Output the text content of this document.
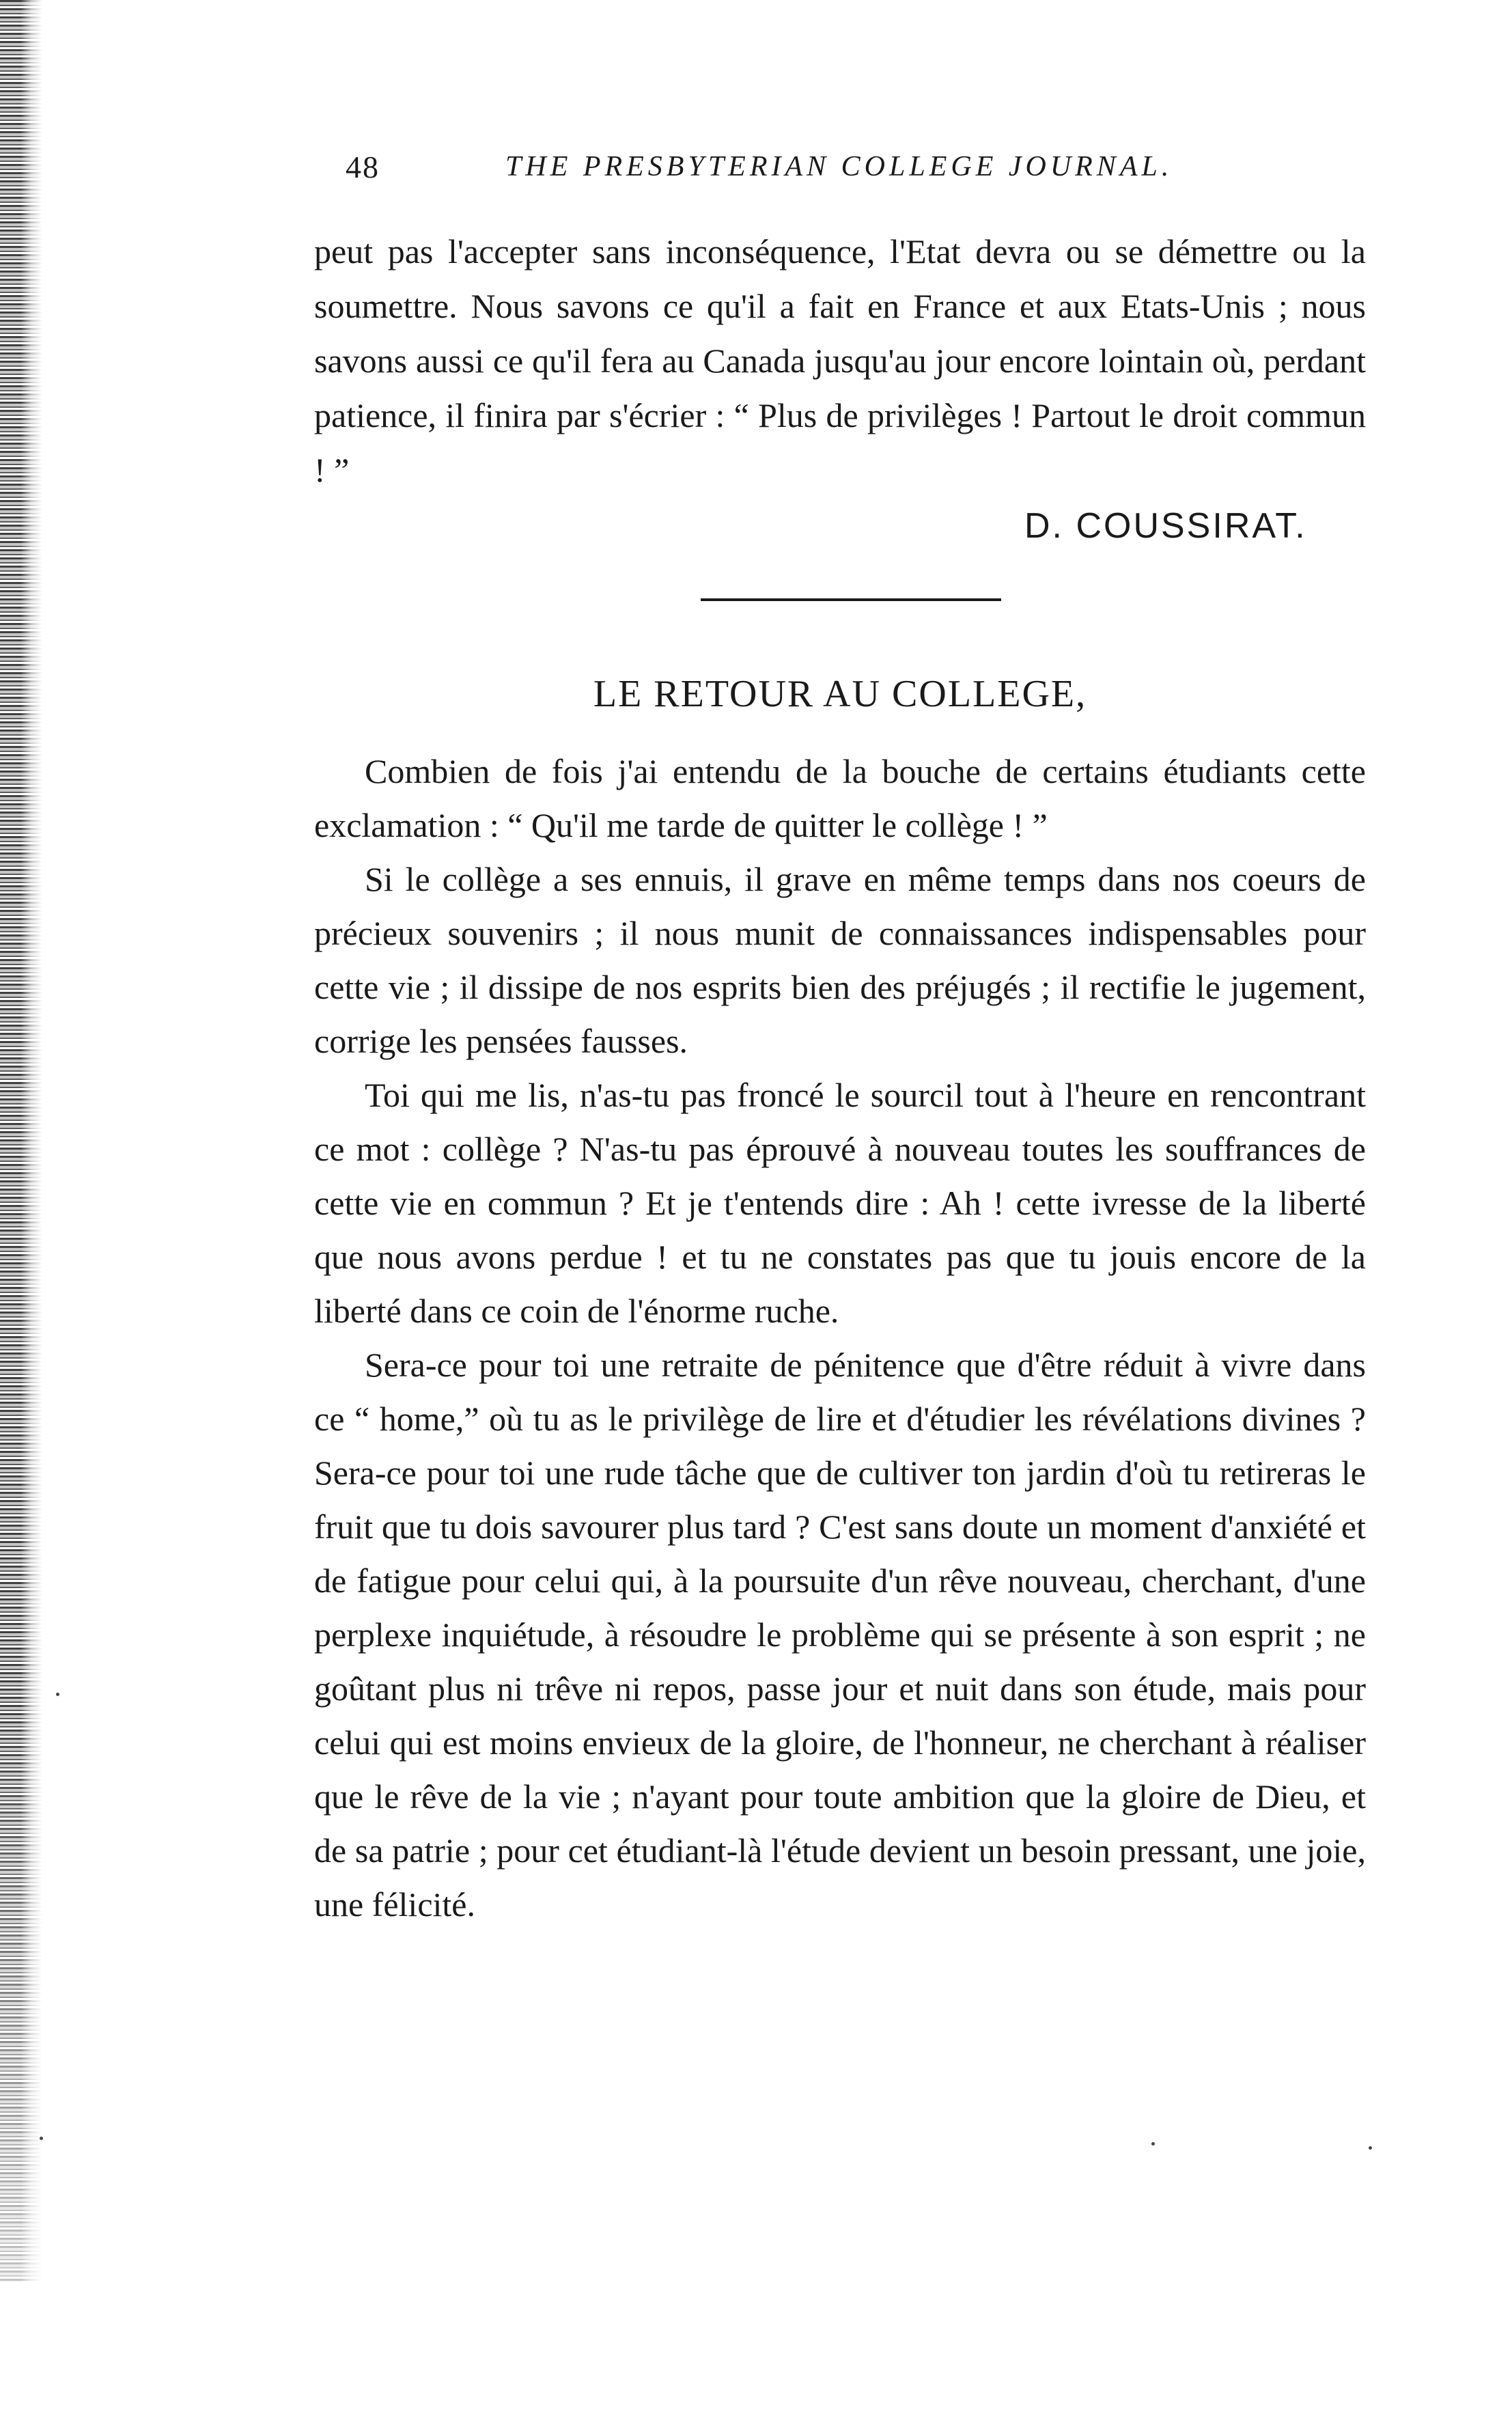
48	THE PRESBYTERIAN COLLEGE JOURNAL.

peut pas l'accepter sans inconséquence, l'Etat devra ou se démettre ou la soumettre. Nous savons ce qu'il a fait en France et aux Etats-Unis ; nous savons aussi ce qu'il fera au Canada jusqu'au jour encore lointain où, perdant patience, il finira par s'écrier : “ Plus de privilèges ! Partout le droit commun ! ”

D. COUSSIRAT.
LE RETOUR AU COLLEGE,

Combien de fois j'ai entendu de la bouche de certains étudiants cette exclamation : “ Qu'il me tarde de quitter le collège ! ”

Si le collège a ses ennuis, il grave en même temps dans nos coeurs de précieux souvenirs ; il nous munit de connaissances indispensables pour cette vie ; il dissipe de nos esprits bien des préjugés ; il rectifie le jugement, corrige les pensées fausses.

Toi qui me lis, n'as-tu pas froncé le sourcil tout à l'heure en rencontrant ce mot : collège ? N'as-tu pas éprouvé à nouveau toutes les souffrances de cette vie en commun ? Et je t'entends dire : Ah ! cette ivresse de la liberté que nous avons perdue ! et tu ne constates pas que tu jouis encore de la liberté dans ce coin de l'énorme ruche.

Sera-ce pour toi une retraite de pénitence que d'être réduit à vivre dans ce “ home,” où tu as le privilège de lire et d'étudier les révélations divines ? Sera-ce pour toi une rude tâche que de cultiver ton jardin d'où tu retireras le fruit que tu dois savourer plus tard ? C'est sans doute un moment d'anxiété et de fatigue pour celui qui, à la poursuite d'un rêve nouveau, cherchant, d'une perplexe inquiétude, à résoudre le problème qui se présente à son esprit ; ne goûtant plus ni trêve ni repos, passe jour et nuit dans son étude, mais pour celui qui est moins envieux de la gloire, de l'honneur, ne cherchant à réaliser que le rêve de la vie ; n'ayant pour toute ambition que la gloire de Dieu, et de sa patrie ; pour cet étudiant-là l'étude devient un besoin pressant, une joie, une félicité.
